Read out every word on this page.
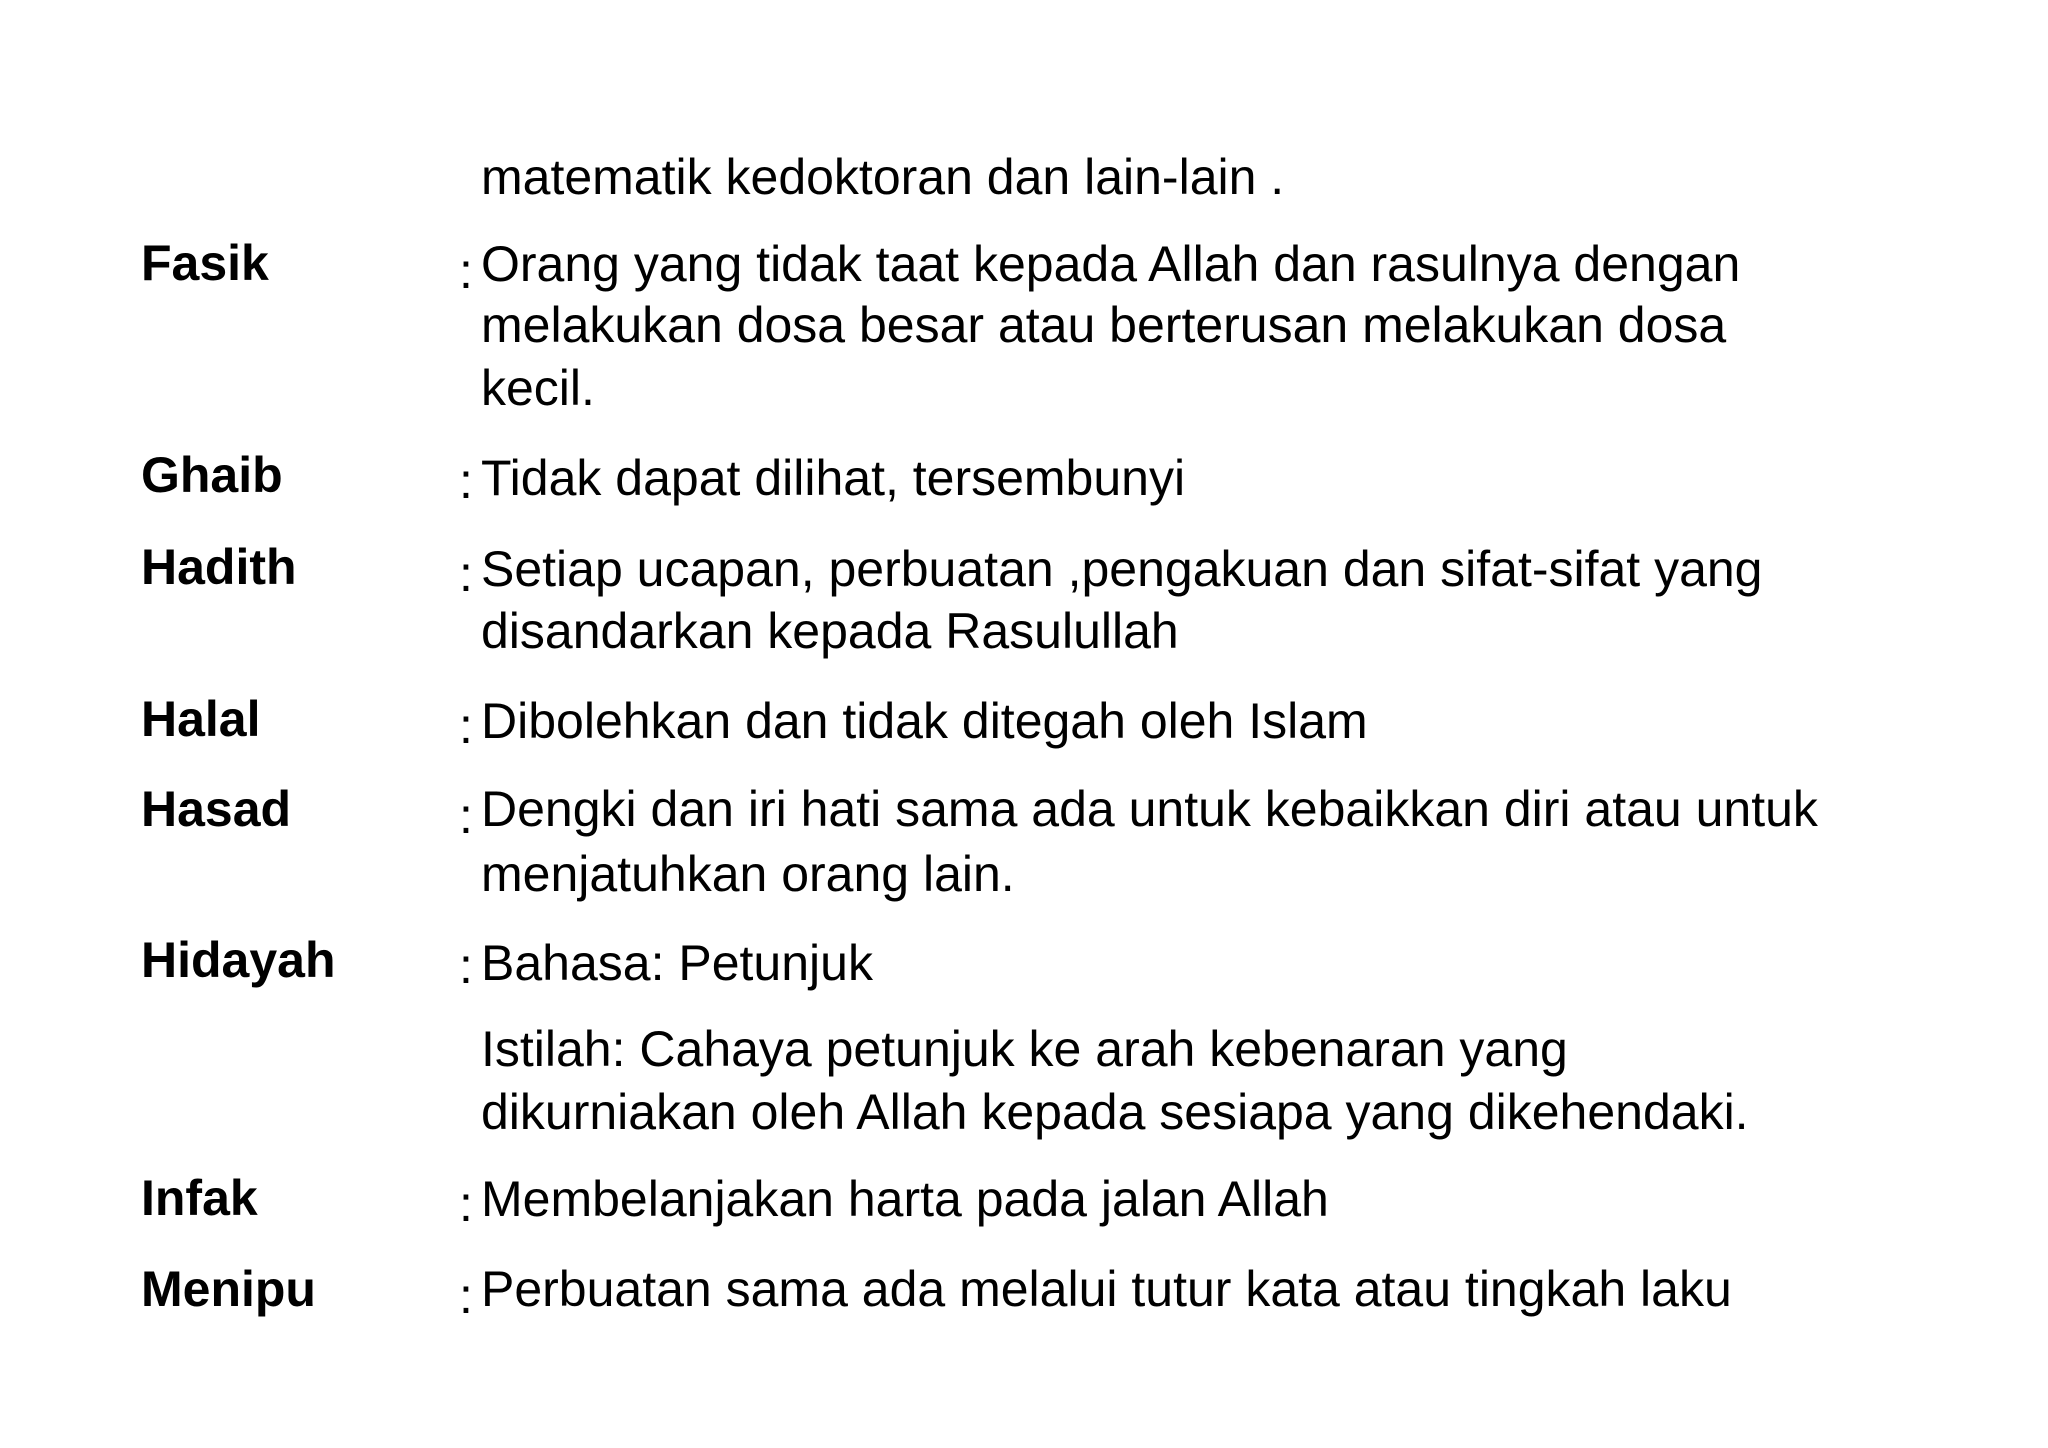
matematik kedoktoran dan lain-lain .
Fasik	: Orang yang tidak taat kepada Allah dan rasulnya dengan
melakukan dosa besar atau berterusan melakukan dosa
kecil.
Ghaib	: Tidak dapat dilihat, tersembunyi
Hadith	: Setiap ucapan, perbuatan ,pengakuan dan sifat-sifat yang
disandarkan kepada Rasulullah
Halal	: Dibolehkan dan tidak ditegah oleh Islam
Hasad	: Dengki dan iri hati sama ada untuk kebaikkan diri atau untuk
menjatuhkan orang lain.
Hidayah : Bahasa: Petunjuk
Istilah: Cahaya petunjuk ke arah kebenaran yang
dikurniakan oleh Allah kepada sesiapa yang dikehendaki.
Infak	: Membelanjakan harta pada jalan Allah
Menipu	: Perbuatan sama ada melalui tutur kata atau tingkah laku
